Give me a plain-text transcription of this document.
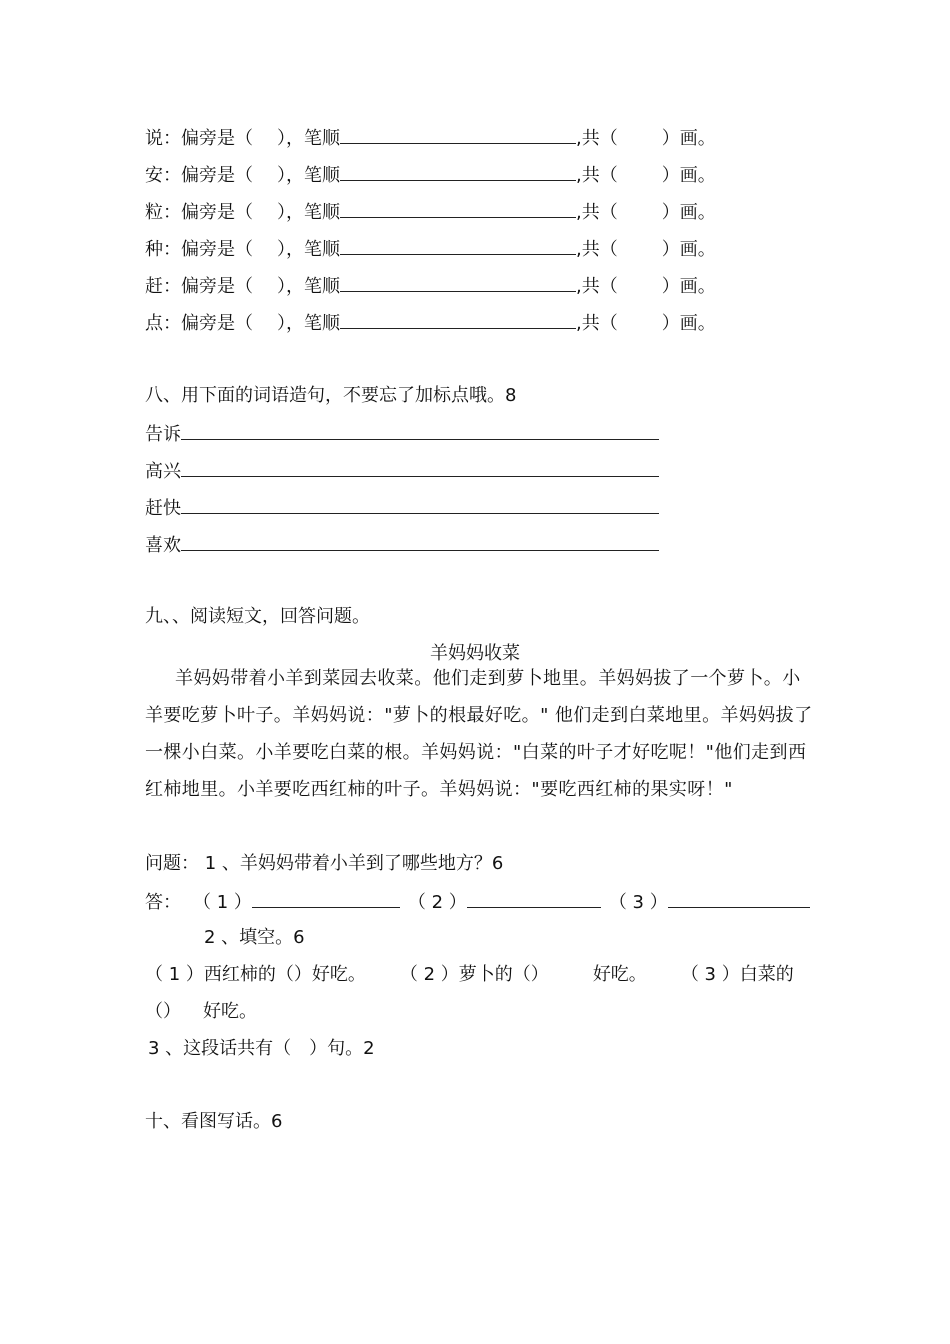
说：偏旁是（ ），笔顺	,共（ ）画。
安：偏旁是（ ），笔顺	,共（ ）画。
粒：偏旁是（ ），笔顺	,共（ ）画。
种：偏旁是（ ），笔顺	,共（ ）画。
赶：偏旁是（ ），笔顺	,共（ ）画。
点：偏旁是（ ），笔顺	,共（ ）画。
八、用下面的词语造句，不要忘了加标点哦。8
告诉
高兴
赶快
喜欢
九、、阅读短文，回答问题。
羊妈妈收菜
羊妈妈带着小羊到菜园去收菜。他们走到萝卜地里。羊妈妈拔了一个萝卜。小羊要吃萝卜叶子。羊妈妈说："萝卜的根最好吃。" 他们走到白菜地里。羊妈妈拔了一棵小白菜。小羊要吃白菜的根。羊妈妈说："白菜的叶子才好吃呢！"他们走到西红柿地里。小羊要吃西红柿的叶子。羊妈妈说："要吃西红柿的果实呀！"
问题： 1 、羊妈妈带着小羊到了哪些地方？6
答： （ 1 ）	（ 2 ）	（ 3 ）
2 、填空。6
（ 1 ）西红柿的（）好吃。 （ 2 ）萝卜的（） 好吃。 （ 3 ）白菜的
（） 好吃。
3 、这段话共有（　）句。2
十、看图写话。6
